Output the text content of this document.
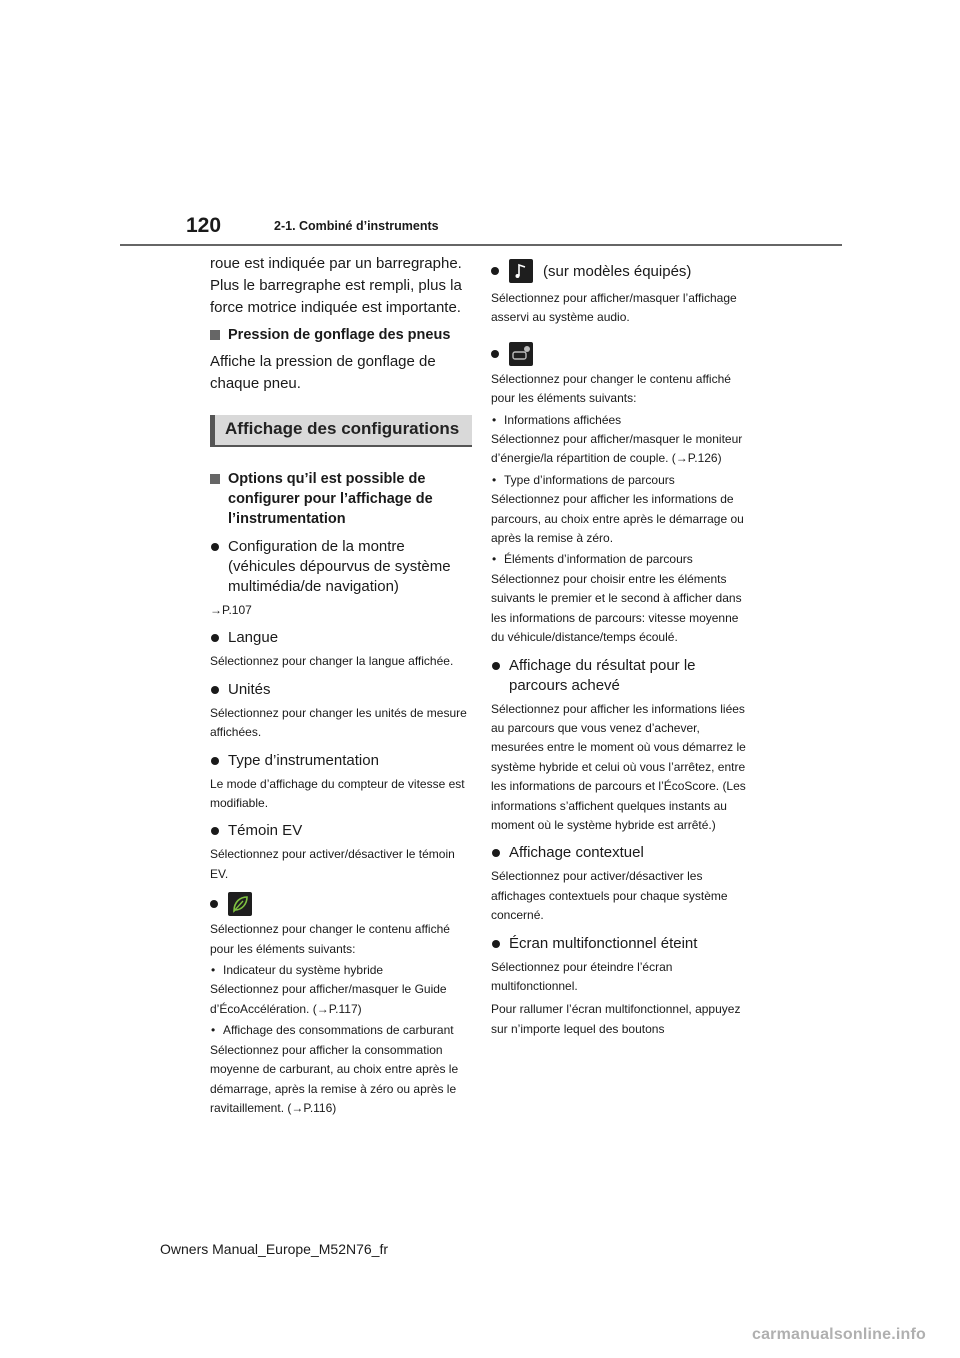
120	2-1. Combiné d’instruments

roue est indiquée par un barregraphe. Plus le barregraphe est rempli, plus la force motrice indiquée est importante.

Pression de gonflage des pneus

Affiche la pression de gonflage de chaque pneu.

Affichage des configurations
Options qu’il est possible de configurer pour l’affichage de l’instrumentation
Configuration de la montre (véhicules dépourvus de système multimédia/de navigation)

→P.107

Langue

Sélectionnez pour changer la langue affichée.

Unités

Sélectionnez pour changer les unités de mesure affichées.

Type d’instrumentation

Le mode d’affichage du compteur de vitesse est modifiable.

Témoin EV

Sélectionnez pour activer/désactiver le témoin EV.

Sélectionnez pour changer le contenu affiché pour les éléments suivants:

• Indicateur du système hybride

Sélectionnez pour afficher/masquer le Guide d’ÉcoAccélération. (→P.117)

• Affichage des consommations de carburant

Sélectionnez pour afficher la consommation moyenne de carburant, au choix entre après le démarrage, après la remise à zéro ou après le ravitaillement. (→P.116)

(sur modèles équipés)

Sélectionnez pour afficher/masquer l’affichage asservi au système audio.

Sélectionnez pour changer le contenu affiché pour les éléments suivants:

• Informations affichées

Sélectionnez pour afficher/masquer le moniteur d’énergie/la répartition de couple. (→P.126)

• Type d’informations de parcours

Sélectionnez pour afficher les informations de parcours, au choix entre après le démarrage ou après la remise à zéro.

• Éléments d’information de parcours

Sélectionnez pour choisir entre les éléments suivants le premier et le second à afficher dans les informations de parcours: vitesse moyenne du véhicule/distance/temps écoulé.

Affichage du résultat pour le parcours achevé

Sélectionnez pour afficher les informations liées au parcours que vous venez d’achever, mesurées entre le moment où vous démarrez le système hybride et celui où vous l’arrêtez, entre les informations de parcours et l’ÉcoScore. (Les informations s’affichent quelques instants au moment où le système hybride est arrêté.)

Affichage contextuel

Sélectionnez pour activer/désactiver les affichages contextuels pour chaque système concerné.

Écran multifonctionnel éteint

Sélectionnez pour éteindre l’écran multifonctionnel.

Pour rallumer l’écran multifonctionnel, appuyez sur n’importe lequel des boutons

Owners Manual_Europe_M52N76_fr
carmanualsonline.info
